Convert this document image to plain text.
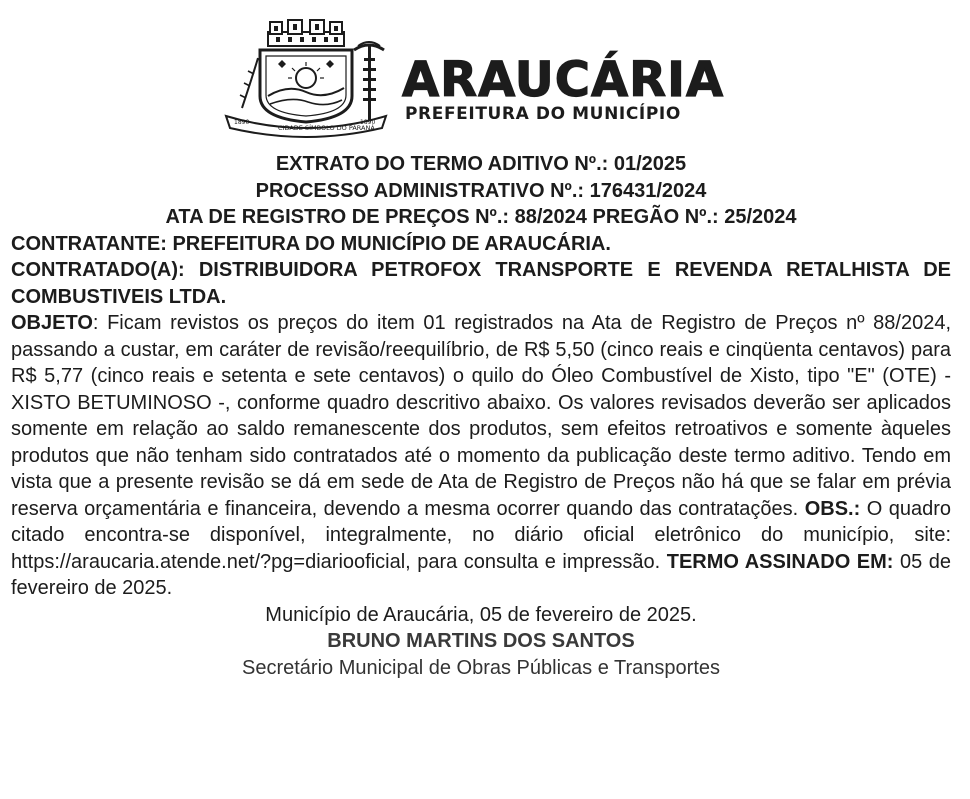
1890
CIDADE SÍMBOLO DO PARANÁ
1890
ARAUCÁRIA
PREFEITURA DO MUNICÍPIO

EXTRATO DO TERMO ADITIVO Nº.: 01/2025

PROCESSO ADMINISTRATIVO Nº.: 176431/2024

ATA DE REGISTRO DE PREÇOS Nº.: 88/2024 PREGÃO Nº.: 25/2024

CONTRATANTE: PREFEITURA DO MUNICÍPIO DE ARAUCÁRIA.

CONTRATADO(A): DISTRIBUIDORA PETROFOX TRANSPORTE E REVENDA RETALHISTA DE COMBUSTIVEIS LTDA.

OBJETO: Ficam revistos os preços do item 01 registrados na Ata de Registro de Preços nº 88/2024, passando a custar, em caráter de revisão/reequilíbrio, de R$ 5,50 (cinco reais e cinqüenta centavos) para R$ 5,77 (cinco reais e setenta e sete centavos) o quilo do Óleo Combustível de Xisto, tipo "E" (OTE) - XISTO BETUMINOSO -, conforme quadro descritivo abaixo. Os valores revisados deverão ser aplicados somente em relação ao saldo remanescente dos produtos, sem efeitos retroativos e somente àqueles produtos que não tenham sido contratados até o momento da publicação deste termo aditivo. Tendo em vista que a presente revisão se dá em sede de Ata de Registro de Preços não há que se falar em prévia reserva orçamentária e financeira, devendo a mesma ocorrer quando das contratações. OBS.: O quadro citado encontra-se disponível, integralmente, no diário oficial eletrônico do município, site: https://araucaria.atende.net/?pg=diariooficial, para consulta e impressão. TERMO ASSINADO EM: 05 de fevereiro de 2025.

Município de Araucária, 05 de fevereiro de 2025.

BRUNO MARTINS DOS SANTOS

Secretário Municipal de Obras Públicas e Transportes
